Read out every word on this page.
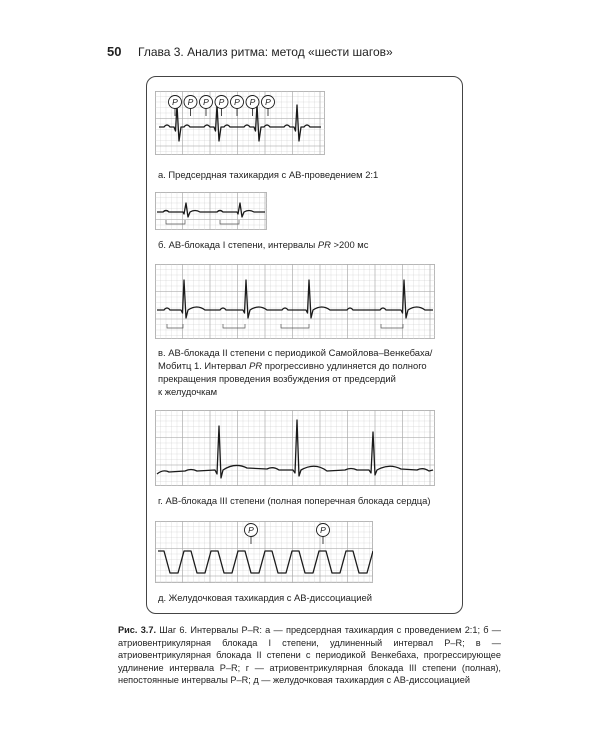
50 Глава 3. Анализ ритма: метод «шести шагов»
P P P P P P P
а. Предсердная тахикардия с АВ-проведением 2:1
б. АВ-блокада I степени, интервалы PR >200 мс
в. АВ-блокада II степени с периодикой Самойлова–Венкебаха/
Мобитц 1. Интервал PR прогрессивно удлиняется до полного
прекращения проведения возбуждения от предсердий
к желудочкам
г. АВ-блокада III степени (полная поперечная блокада сердца)
P	P
д. Желудочковая тахикардия с АВ-диссоциацией
Рис. 3.7. Шаг 6. Интервалы P–R: а — предсердная тахикардия с проведением 2:1; б — атриовентрикулярная блокада I степени, удлиненный интервал P–R; в — атриовентрикулярная блокада II степени с периодикой Венкебаха, прогрессирующее удлинение интервала P–R; г — атриовентрикулярная блокада III степени (полная), непостоянные интервалы P–R; д — желудочковая тахикардия с АВ-диссоциацией
